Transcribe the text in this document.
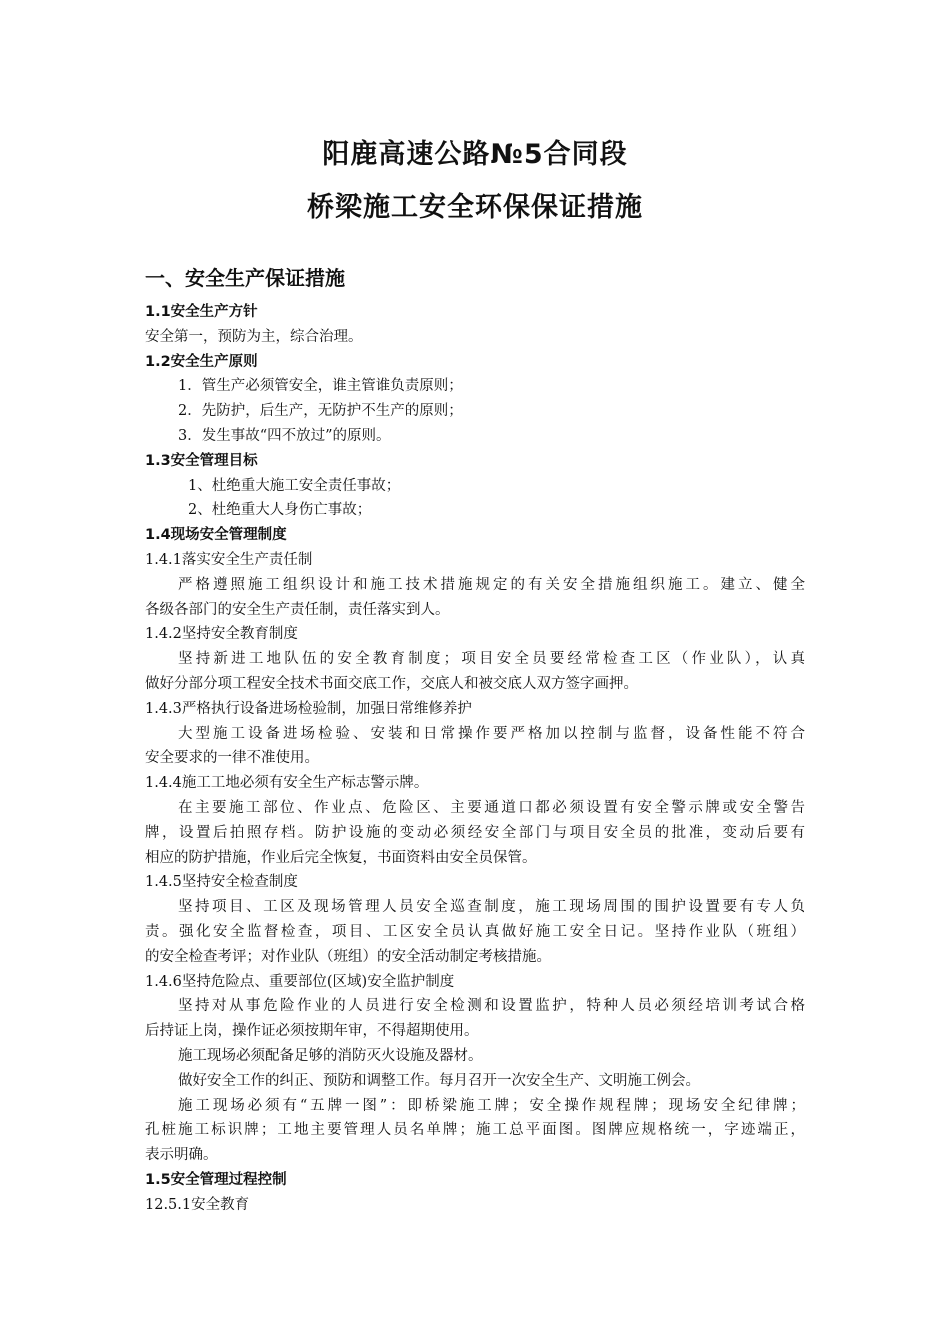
阳鹿高速公路№5合同段
桥梁施工安全环保保证措施
一、安全生产保证措施
1.1安全生产方针
安全第一，预防为主，综合治理。
1.2安全生产原则
1．管生产必须管安全，谁主管谁负责原则；
2．先防护，后生产，无防护不生产的原则；
3．发生事故“四不放过”的原则。
1.3安全管理目标
1、杜绝重大施工安全责任事故；
2、杜绝重大人身伤亡事故；
1.4现场安全管理制度
1.4.1落实安全生产责任制
严格遵照施工组织设计和施工技术措施规定的有关安全措施组织施工。建立、健全
各级各部门的安全生产责任制，责任落实到人。
1.4.2坚持安全教育制度
坚持新进工地队伍的安全教育制度；项目安全员要经常检查工区（作业队），认真
做好分部分项工程安全技术书面交底工作，交底人和被交底人双方签字画押。
1.4.3严格执行设备进场检验制，加强日常维修养护
大型施工设备进场检验、安装和日常操作要严格加以控制与监督，设备性能不符合
安全要求的一律不准使用。
1.4.4施工工地必须有安全生产标志警示牌。
在主要施工部位、作业点、危险区、主要通道口都必须设置有安全警示牌或安全警告
牌，设置后拍照存档。防护设施的变动必须经安全部门与项目安全员的批准，变动后要有
相应的防护措施，作业后完全恢复，书面资料由安全员保管。
1.4.5坚持安全检查制度
坚持项目、工区及现场管理人员安全巡查制度，施工现场周围的围护设置要有专人负
责。强化安全监督检查，项目、工区安全员认真做好施工安全日记。坚持作业队（班组）
的安全检查考评；对作业队（班组）的安全活动制定考核措施。
1.4.6坚持危险点、重要部位(区域)安全监护制度
坚持对从事危险作业的人员进行安全检测和设置监护，特种人员必须经培训考试合格
后持证上岗，操作证必须按期年审，不得超期使用。
施工现场必须配备足够的消防灭火设施及器材。
做好安全工作的纠正、预防和调整工作。每月召开一次安全生产、文明施工例会。
施工现场必须有“五牌一图”：即桥梁施工牌；安全操作规程牌；现场安全纪律牌；
孔桩施工标识牌；工地主要管理人员名单牌；施工总平面图。图牌应规格统一，字迹端正，
表示明确。
1.5安全管理过程控制
12.5.1安全教育
